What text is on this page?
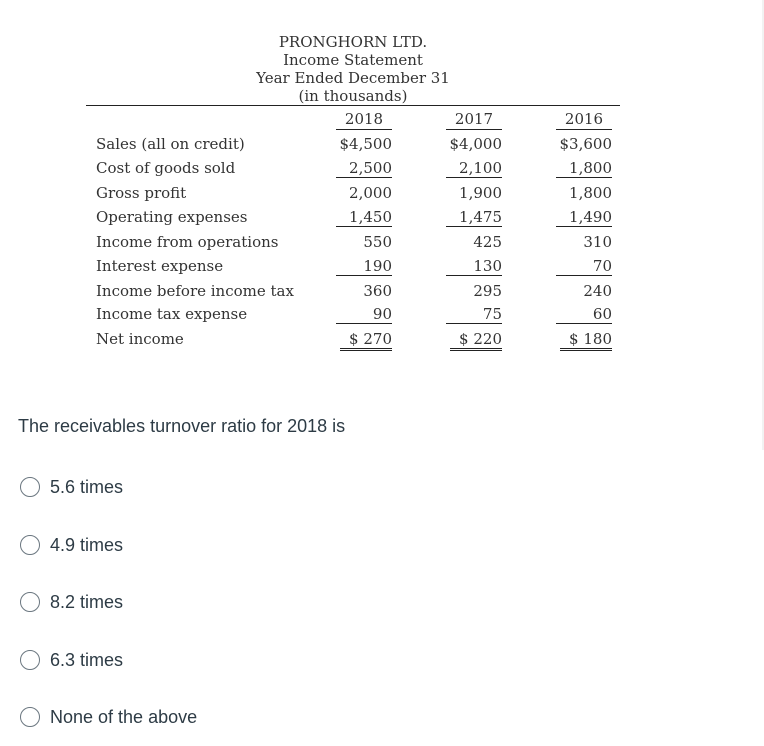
PRONGHORN LTD.
Income Statement
Year Ended December 31
(in thousands)
2018	2017	2016
Sales (all on credit)	$4,500	$4,000	$3,600
Cost of goods sold	2,500	2,100	1,800
Gross profit	2,000	1,900	1,800
Operating expenses	1,450	1,475	1,490
Income from operations	550	425	310
Interest expense	190	130	70
Income before income tax	360	295	240
Income tax expense	90	75	60
Net income	$ 270	$ 220	$ 180
The receivables turnover ratio for 2018 is
5.6 times
4.9 times
8.2 times
6.3 times
None of the above
